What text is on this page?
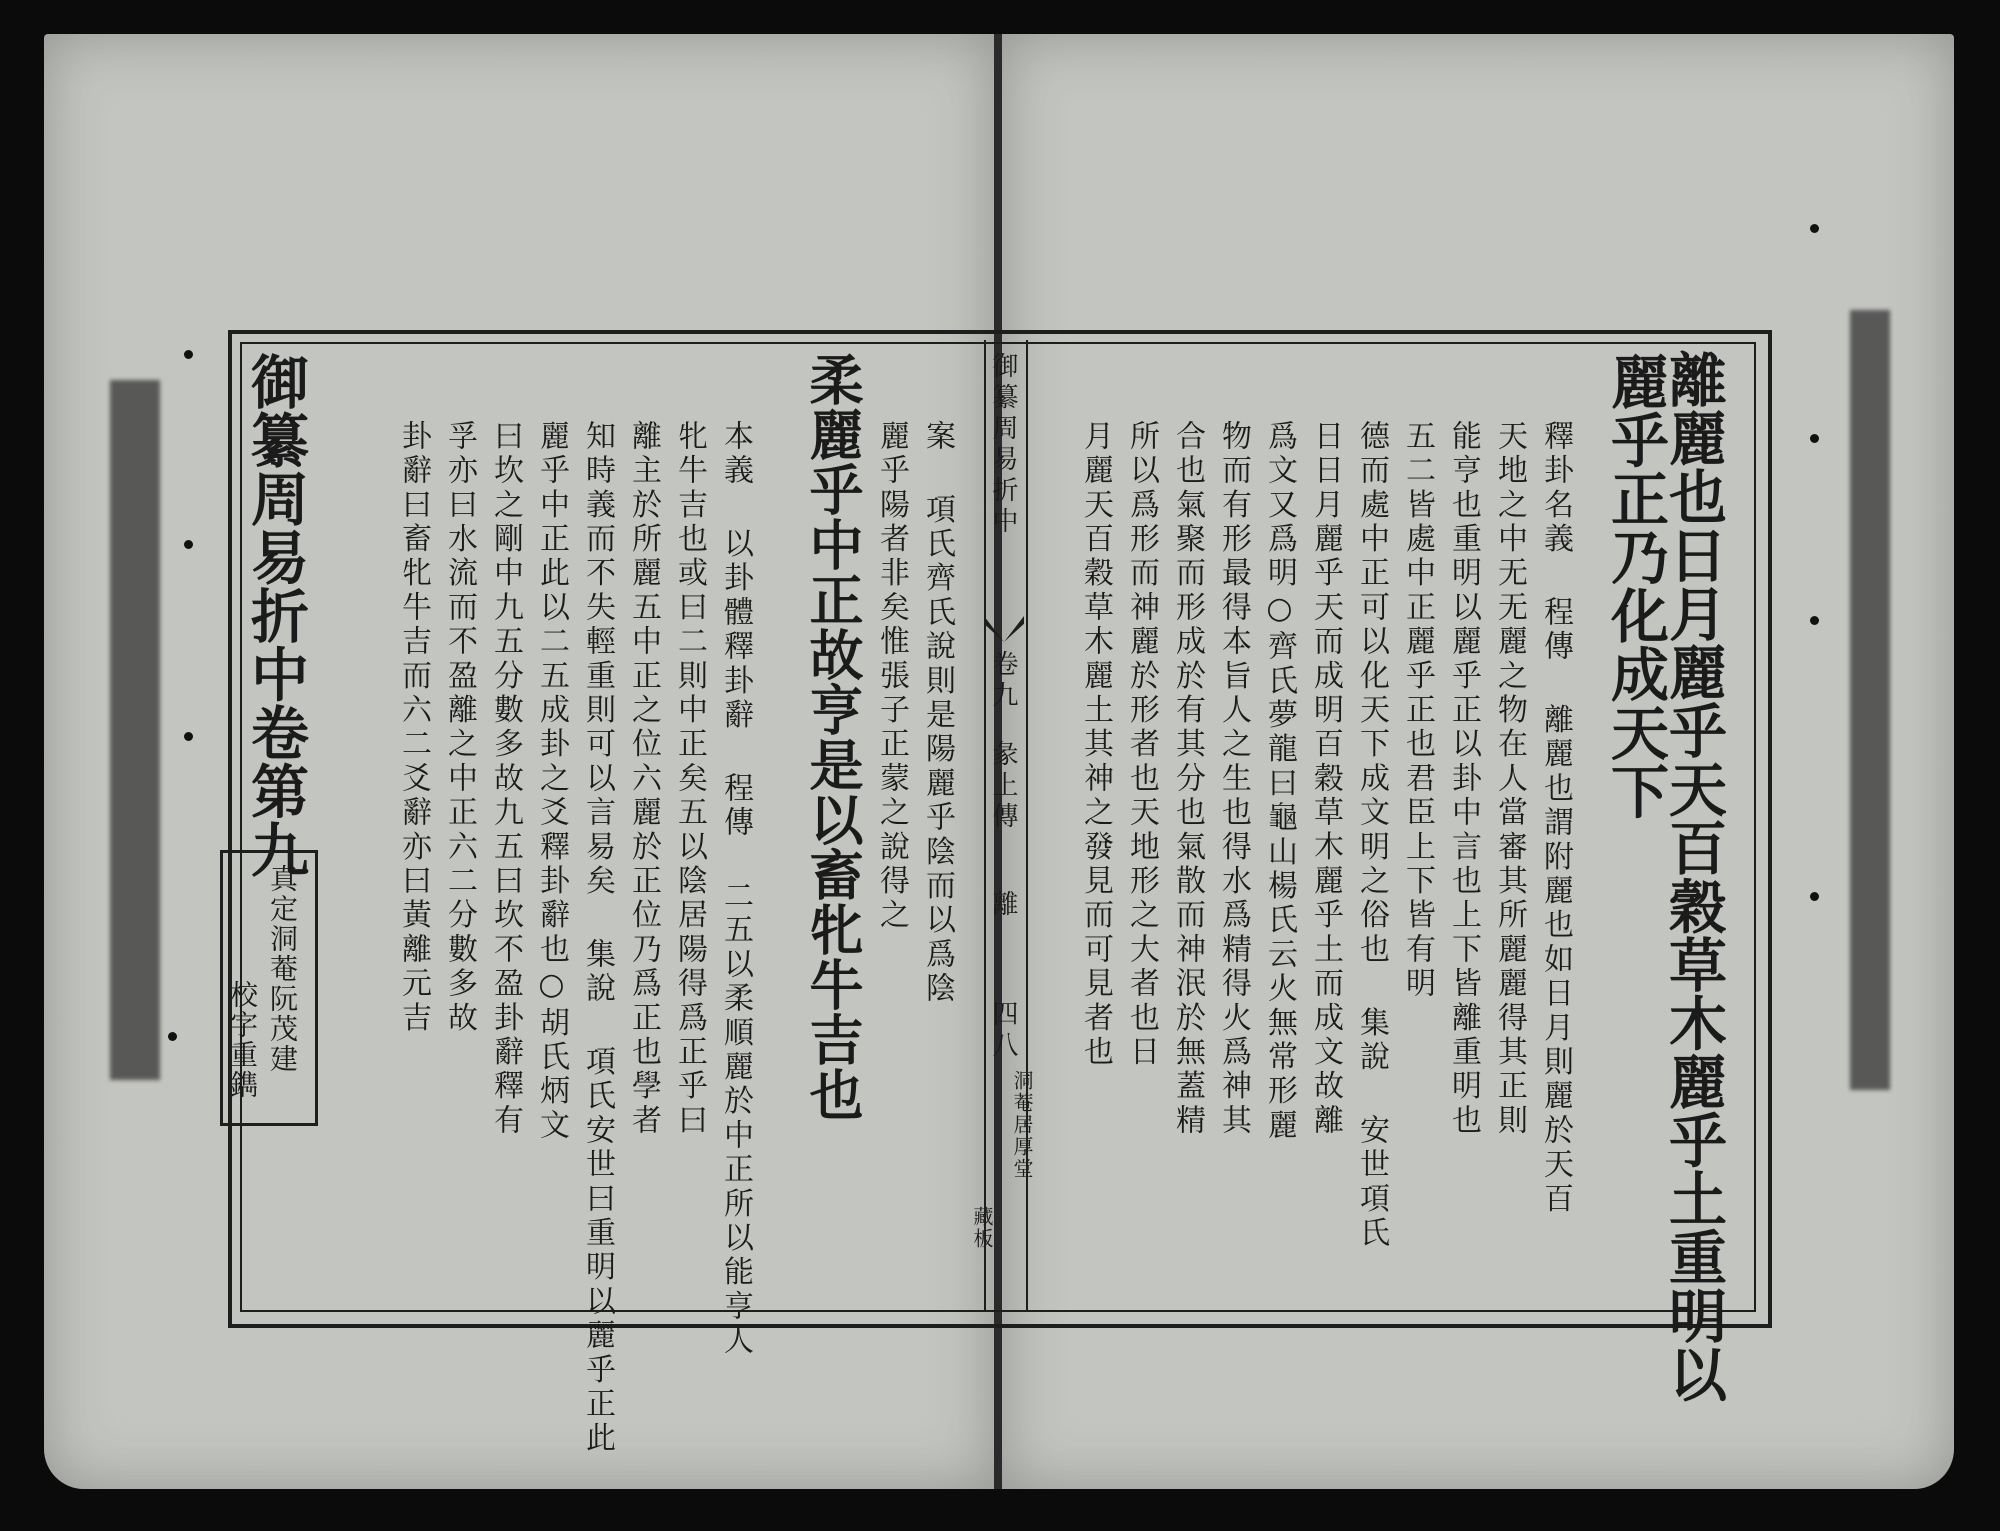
離麗也日月麗乎天百穀草木麗乎土重明以
麗乎正乃化成天下
釋卦名義 程傳 離麗也謂附麗也如日月則麗於天百
天地之中无无麗之物在人當審其所麗麗得其正則
能亨也重明以麗乎正以卦中言也上下皆離重明也
五二皆處中正麗乎正也君臣上下皆有明
德而處中正可以化天下成文明之俗也 集說 安世項氏
日日月麗乎天而成明百穀草木麗乎土而成文故離
爲文又爲明○齊氏夢龍曰龜山楊氏云火無常形麗
物而有形最得本旨人之生也得水爲精得火爲神其
合也氣聚而形成於有其分也氣散而神泯於無蓋精
所以爲形而神麗於形者也天地形之大者也日
月麗天百穀草木麗土其神之發見而可見者也
御纂周易折中
卷九
彖上傳
離
四八
洞菴居厚堂
藏板
案 項氏齊氏說則是陽麗乎陰而以爲陰
麗乎陽者非矣惟張子正蒙之說得之
柔麗乎中正故亨是以畜牝牛吉也
本義 以卦體釋卦辭 程傳 二五以柔順麗於中正所以能亨人
牝牛吉也或曰二則中正矣五以陰居陽得爲正乎曰
離主於所麗五中正之位六麗於正位乃爲正也學者
知時義而不失輕重則可以言易矣 集說 項氏安世曰重明以麗乎正此
麗乎中正此以二五成卦之爻釋卦辭也○胡氏炳文
曰坎之剛中九五分數多故九五曰坎不盈卦辭釋有
孚亦曰水流而不盈離之中正六二分數多故
卦辭曰畜牝牛吉而六二爻辭亦曰黃離元吉
御纂周易折中卷第九
真定洞菴阮茂建
校字重鐫
